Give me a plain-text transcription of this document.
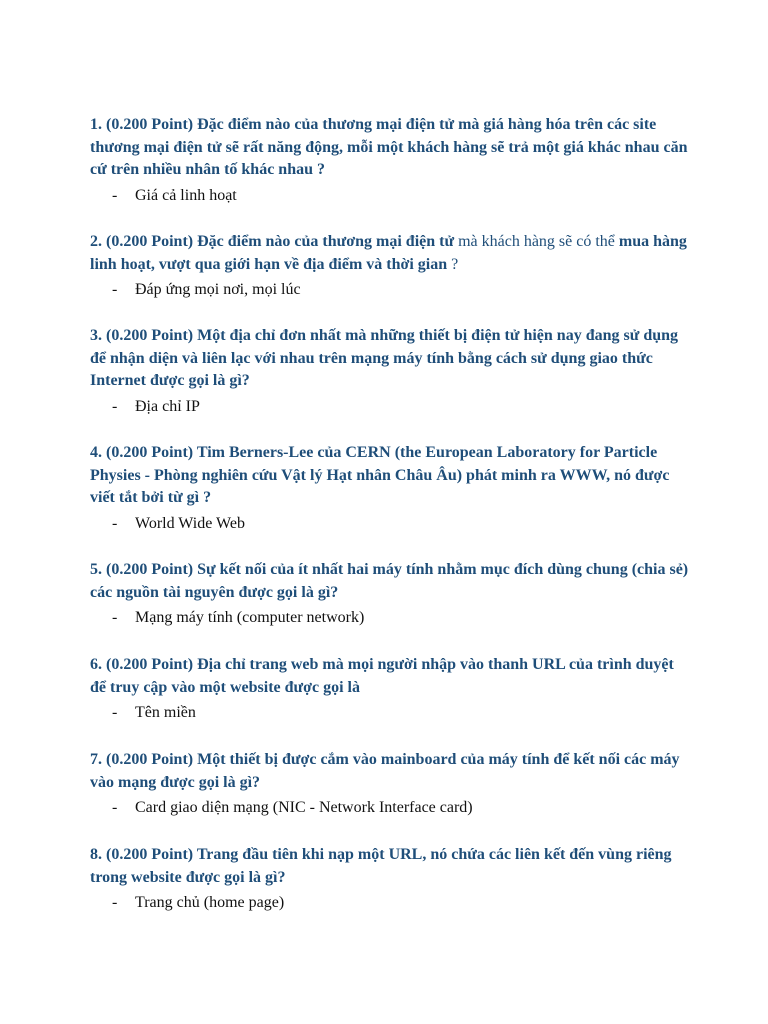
1. (0.200 Point) Đặc điểm nào của thương mại điện tử mà giá hàng hóa trên các site thương mại điện tử sẽ rất năng động, mỗi một khách hàng sẽ trả một giá khác nhau căn cứ trên nhiều nhân tố khác nhau ?

- Giá cả linh hoạt

2. (0.200 Point) Đặc điểm nào của thương mại điện tử mà khách hàng sẽ có thể mua hàng linh hoạt, vượt qua giới hạn về địa điểm và thời gian ?

- Đáp ứng mọi nơi, mọi lúc

3. (0.200 Point) Một địa chỉ đơn nhất mà những thiết bị điện tử hiện nay đang sử dụng để nhận diện và liên lạc với nhau trên mạng máy tính bằng cách sử dụng giao thức Internet được gọi là gì?

- Địa chỉ IP

4. (0.200 Point) Tim Berners-Lee của CERN (the European Laboratory for Particle Physies - Phòng nghiên cứu Vật lý Hạt nhân Châu Âu) phát minh ra WWW, nó được viết tắt bởi từ gì ?

- World Wide Web

5. (0.200 Point) Sự kết nối của ít nhất hai máy tính nhằm mục đích dùng chung (chia sẻ) các nguồn tài nguyên được gọi là gì?

- Mạng máy tính (computer network)

6. (0.200 Point) Địa chỉ trang web mà mọi người nhập vào thanh URL của trình duyệt để truy cập vào một website được gọi là

- Tên miền

7. (0.200 Point) Một thiết bị được cắm vào mainboard của máy tính để kết nối các máy vào mạng được gọi là gì?

- Card giao diện mạng (NIC - Network Interface card)

8. (0.200 Point) Trang đầu tiên khi nạp một URL, nó chứa các liên kết đến vùng riêng trong website được gọi là gì?

- Trang chủ (home page)
